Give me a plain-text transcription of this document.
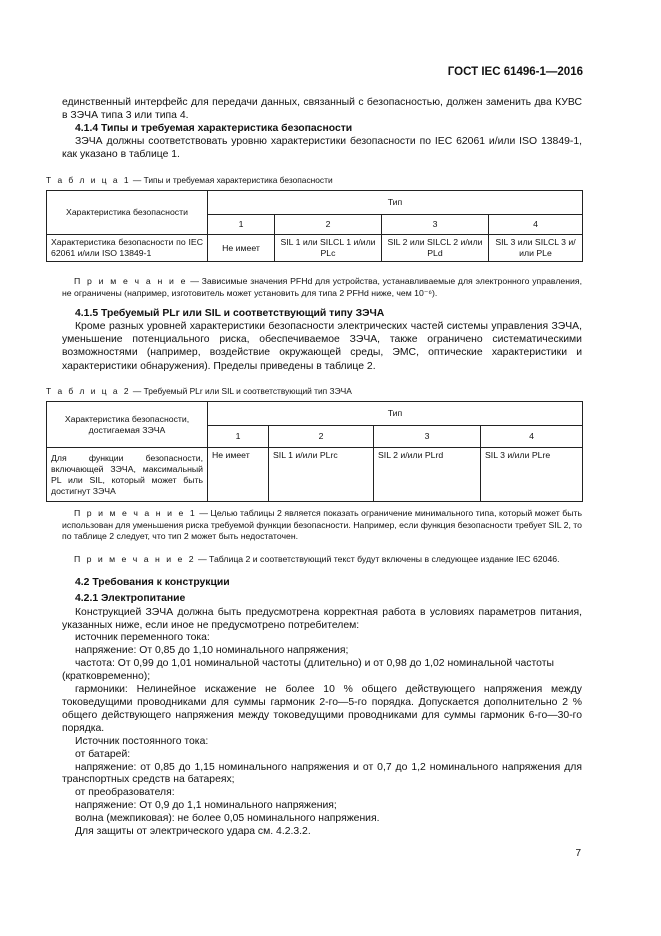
ГОСТ IEC 61496-1—2016

единственный интерфейс для передачи данных, связанный с безопасностью, должен заменить два КУВС в ЗЭЧА типа 3 или типа 4.

4.1.4 Типы и требуемая характеристика безопасности

ЗЭЧА должны соответствовать уровню характеристики безопасности по IEC 62061 и/или ISO 13849-1, как указано в таблице 1.

Т а б л и ц а 1 — Типы и требуемая характеристика безопасности
Характеристика безопасности	Тип			
	1	2	3	4
Характеристика безопасности по IEC 62061 и/или ISO 13849-1	Не имеет	SIL 1 или SILCL 1 и/или PLc	SIL 2 или SILCL 2 и/или PLd	SIL 3 или SILCL 3 и/или PLe

П р и м е ч а н и е — Зависимые значения PFHd для устройства, устанавливаемые для электронного управления, не ограничены (например, изготовитель может установить для типа 2 PFHd ниже, чем 10⁻⁶).

4.1.5 Требуемый PLr или SIL и соответствующий типу ЗЭЧА

Кроме разных уровней характеристики безопасности электрических частей системы управления ЗЭЧА, уменьшение потенциального риска, обеспечиваемое ЗЭЧА, также ограничено систематическими возможностями (например, воздействие окружающей среды, ЭМС, оптические характеристики и характеристики обнаружения). Пределы приведены в таблице 2.

Т а б л и ц а 2 — Требуемый PLr или SIL и соответствующий тип ЗЭЧА
Характеристика безопасности, достигаемая ЗЭЧА	Тип			
	1	2	3	4
Для функции безопасности, включающей ЗЭЧА, максимальный PL или SIL, который может быть достигнут ЗЭЧА	Не имеет	SIL 1 и/или PLrc	SIL 2 и/или PLrd	SIL 3 и/или PLre

П р и м е ч а н и е 1 — Целью таблицы 2 является показать ограничение минимального типа, который может быть использован для уменьшения риска требуемой функции безопасности. Например, если функция безопасности требует SIL 2, то по таблице 2 следует, что тип 2 может быть недостаточен.

П р и м е ч а н и е 2 — Таблица 2 и соответствующий текст будут включены в следующее издание IEC 62046.

4.2 Требования к конструкции
4.2.1 Электропитание

Конструкцией ЗЭЧА должна быть предусмотрена корректная работа в условиях параметров питания, указанных ниже, если иное не предусмотрено потребителем:

источник переменного тока:
напряжение: От 0,85 до 1,10 номинального напряжения;
частота: От 0,99 до 1,01 номинальной частоты (длительно) и от 0,98 до 1,02 номинальной частоты (кратковременно);
гармоники: Нелинейное искажение не более 10 % общего действующего напряжения между токоведущими проводниками для суммы гармоник 2-го—5-го порядка. Допускается дополнительно 2 % общего действующего напряжения между токоведущими проводниками для суммы гармоник 6-го—30-го порядка.
Источник постоянного тока:
от батарей:
напряжение: от 0,85 до 1,15 номинального напряжения и от 0,7 до 1,2 номинального напряжения для транспортных средств на батареях;
от преобразователя:
напряжение: От 0,9 до 1,1 номинального напряжения;
волна (межпиковая): не более 0,05 номинального напряжения.
Для защиты от электрического удара см. 4.2.3.2.
7
